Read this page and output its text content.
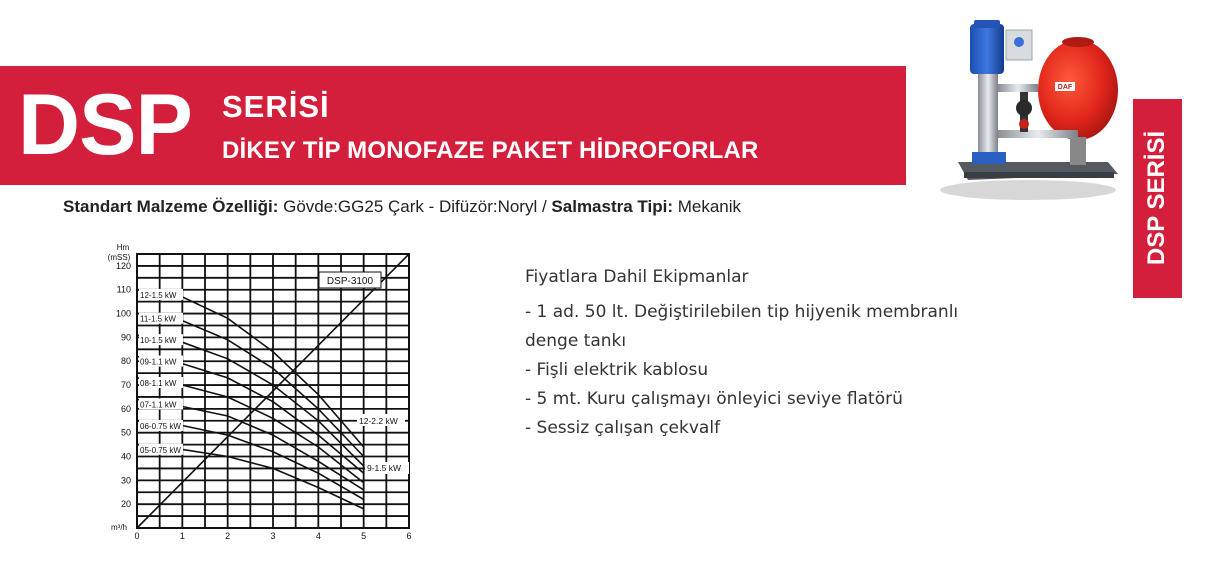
DSP SERİSİ
DİKEY TİP MONOFAZE PAKET HİDROFORLAR
Standart Malzeme Özelliği: Gövde:GG25 Çark - Difüzör:Noryl / Salmastra Tipi: Mekanik
DAF
DSP SERİSİ
Fiyatlara Dahil Ekipmanlar
- 1 ad. 50 lt. Değiştirilebilen tip hijyenik membranlı
denge tankı
- Fişli elektrik kablosu
- 5 mt. Kuru çalışmayı önleyici seviye flatörü
- Sessiz çalışan çekvalf
12-1.5 kW
11-1.5 kW
10-1.5 kW
09-1.1 kW
08-1.1 kW
07-1.1 kW
06-0.75 kW
05-0.75 kW
DSP-3100
12-2.2 kW
9-1.5 kW
20
30
40
50
60
70
80
90
100
110
120
0	1	2	3	4	5	6
Hm
(mSS)
m³/h
